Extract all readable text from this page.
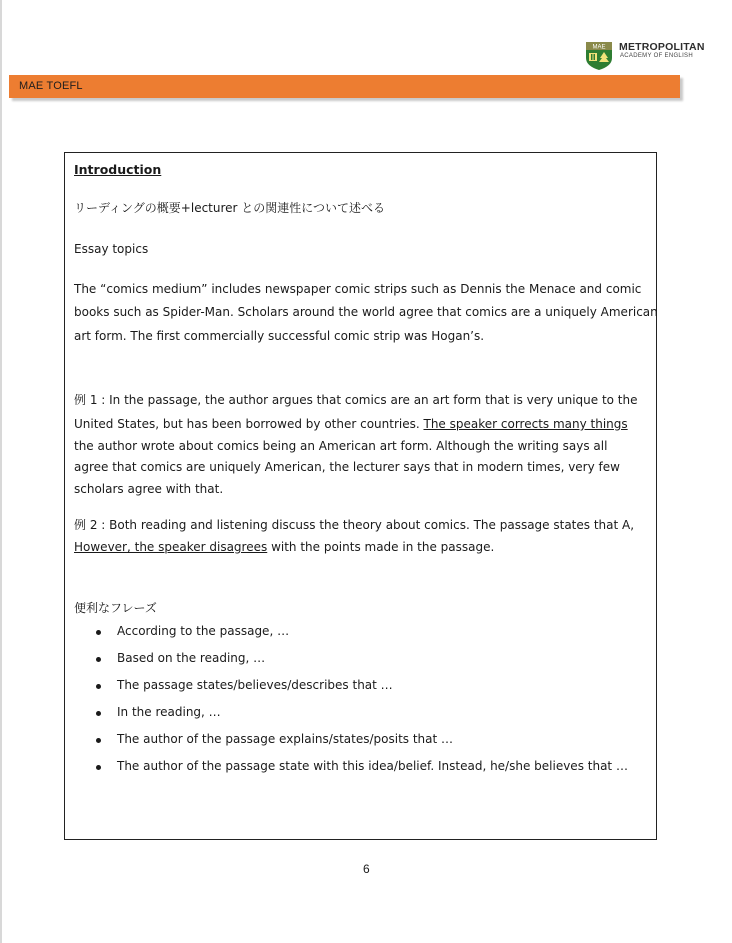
MAE METROPOLITAN
ACADEMY OF ENGLISH
MAE TOEFL

Introduction

リーディングの概要+lecturer との関連性について述べる

Essay topics

The “comics medium” includes newspaper comic strips such as Dennis the Menace and comic

books such as Spider-Man. Scholars around the world agree that comics are a uniquely American

art form. The first commercially successful comic strip was Hogan’s.

例 1 : In the passage, the author argues that comics are an art form that is very unique to the

United States, but has been borrowed by other countries. The speaker corrects many things

the author wrote about comics being an American art form. Although the writing says all

agree that comics are uniquely American, the lecturer says that in modern times, very few

scholars agree with that.

例 2 : Both reading and listening discuss the theory about comics. The passage states that A,

However, the speaker disagrees with the points made in the passage.

便利なフレーズ

According to the passage, …
Based on the reading, …
The passage states/believes/describes that …
In the reading, …
The author of the passage explains/states/posits that …
The author of the passage state with this idea/belief. Instead, he/she believes that …
6
